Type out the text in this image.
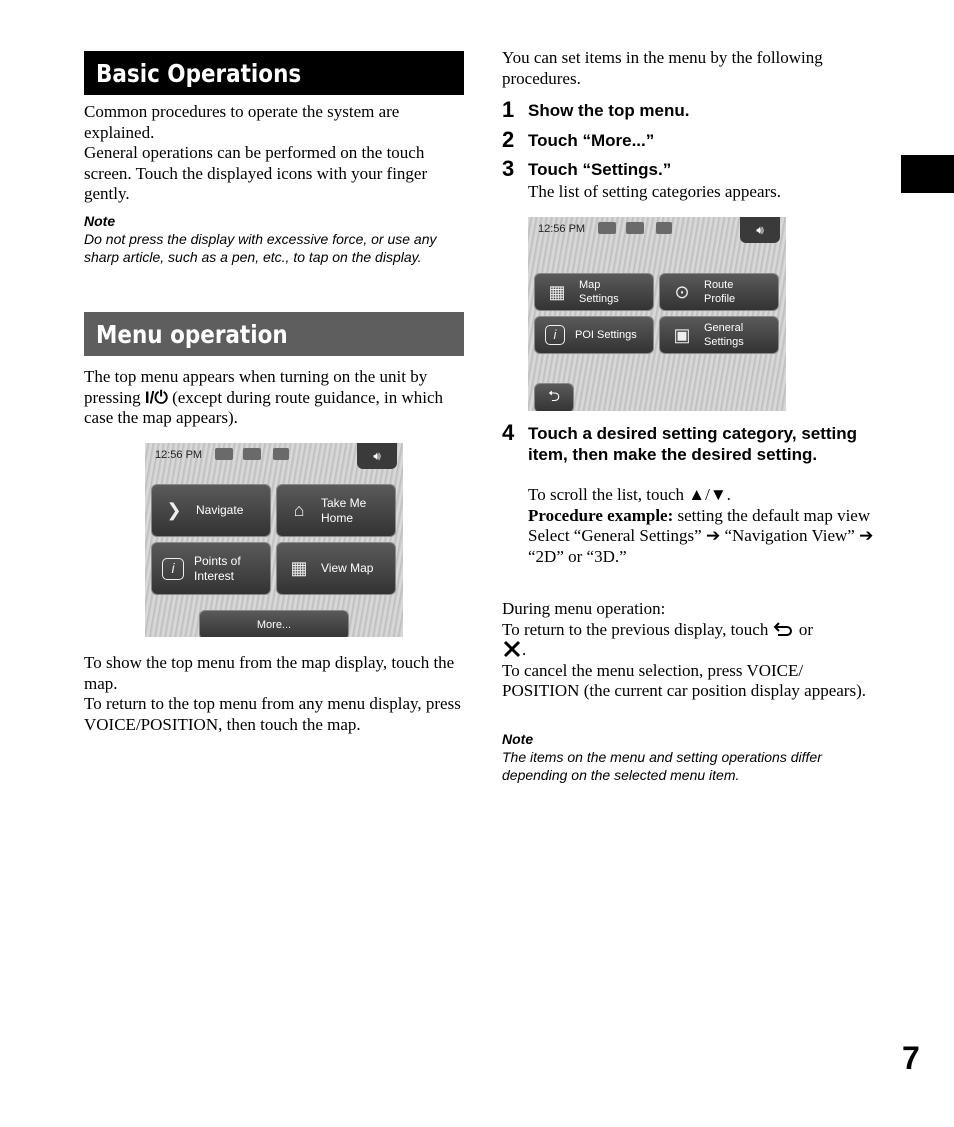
Basic Operations
Common procedures to operate the system are explained.
General operations can be performed on the touch screen. Touch the displayed icons with your finger gently.
Note
Do not press the display with excessive force, or use any sharp article, such as a pen, etc., to tap on the display.
Menu operation
The top menu appears when turning on the unit by pressing I/⏻ (except during route guidance, in which case the map appears).
12:56 PM	🔊︎
❯	Navigate	⌂	Take Me
Home
i	Points of
Interest	▦ View Map
More...
To show the top menu from the map display, touch the map.
To return to the top menu from any menu display, press VOICE/POSITION, then touch the map.
You can set items in the menu by the following procedures.
1 Show the top menu.
2 Touch “More...”
3 Touch “Settings.”
The list of setting categories appears.
12:56 PM	🔊︎
▦	Map
Settings	⊙	Route
Profile
i	POI Settings ▣	General
Settings
⮌
4 Touch a desired setting category, setting item, then make the desired setting.
To scroll the list, touch ▲/▼.
Procedure example: setting the default map view
Select “General Settings” ➔ “Navigation View” ➔ “2D” or “3D.”
During menu operation:
To return to the previous display, touch  or
.
To cancel the menu selection, press VOICE/ POSITION (the current car position display appears).
Note
The items on the menu and setting operations differ depending on the selected menu item.
7
